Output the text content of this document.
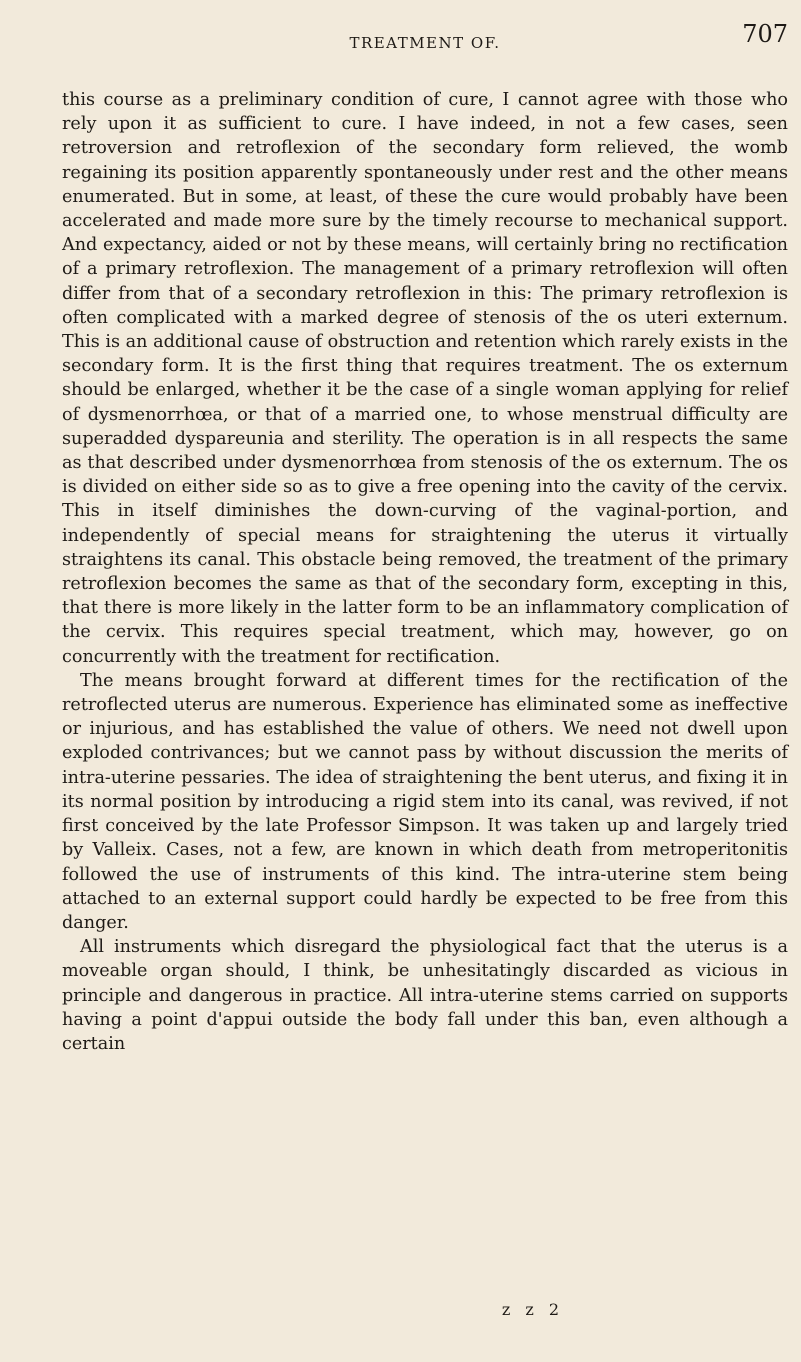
TREATMENT OF.	707

this course as a preliminary condition of cure, I cannot agree with those who rely upon it as sufficient to cure. I have indeed, in not a few cases, seen retroversion and retroflexion of the secondary form relieved, the womb regaining its position apparently spontaneously under rest and the other means enumerated. But in some, at least, of these the cure would probably have been accelerated and made more sure by the timely recourse to mechanical support. And expectancy, aided or not by these means, will certainly bring no rectification of a primary retroflexion. The management of a primary retroflexion will often differ from that of a secondary retroflexion in this: The primary retroflexion is often complicated with a marked degree of stenosis of the os uteri externum. This is an additional cause of obstruction and retention which rarely exists in the secondary form. It is the first thing that requires treatment. The os externum should be enlarged, whether it be the case of a single woman applying for relief of dysmenorrhœa, or that of a married one, to whose menstrual difficulty are superadded dyspareunia and sterility. The operation is in all respects the same as that described under dysmenorrhœa from stenosis of the os externum. The os is divided on either side so as to give a free opening into the cavity of the cervix. This in itself diminishes the down-curving of the vaginal-portion, and independently of special means for straightening the uterus it virtually straightens its canal. This obstacle being removed, the treatment of the primary retroflexion becomes the same as that of the secondary form, excepting in this, that there is more likely in the latter form to be an inflammatory complication of the cervix. This requires special treatment, which may, however, go on concurrently with the treatment for rectification.

The means brought forward at different times for the rectification of the retroflected uterus are numerous. Experience has eliminated some as ineffective or injurious, and has established the value of others. We need not dwell upon exploded contrivances; but we cannot pass by without discussion the merits of intra-uterine pessaries. The idea of straightening the bent uterus, and fixing it in its normal position by introducing a rigid stem into its canal, was revived, if not first conceived by the late Professor Simpson. It was taken up and largely tried by Valleix. Cases, not a few, are known in which death from metroperitonitis followed the use of instruments of this kind. The intra-uterine stem being attached to an external support could hardly be expected to be free from this danger.

All instruments which disregard the physiological fact that the uterus is a moveable organ should, I think, be unhesitatingly discarded as vicious in principle and dangerous in practice. All intra-uterine stems carried on supports having a point d'appui outside the body fall under this ban, even although a certain

z z 2
